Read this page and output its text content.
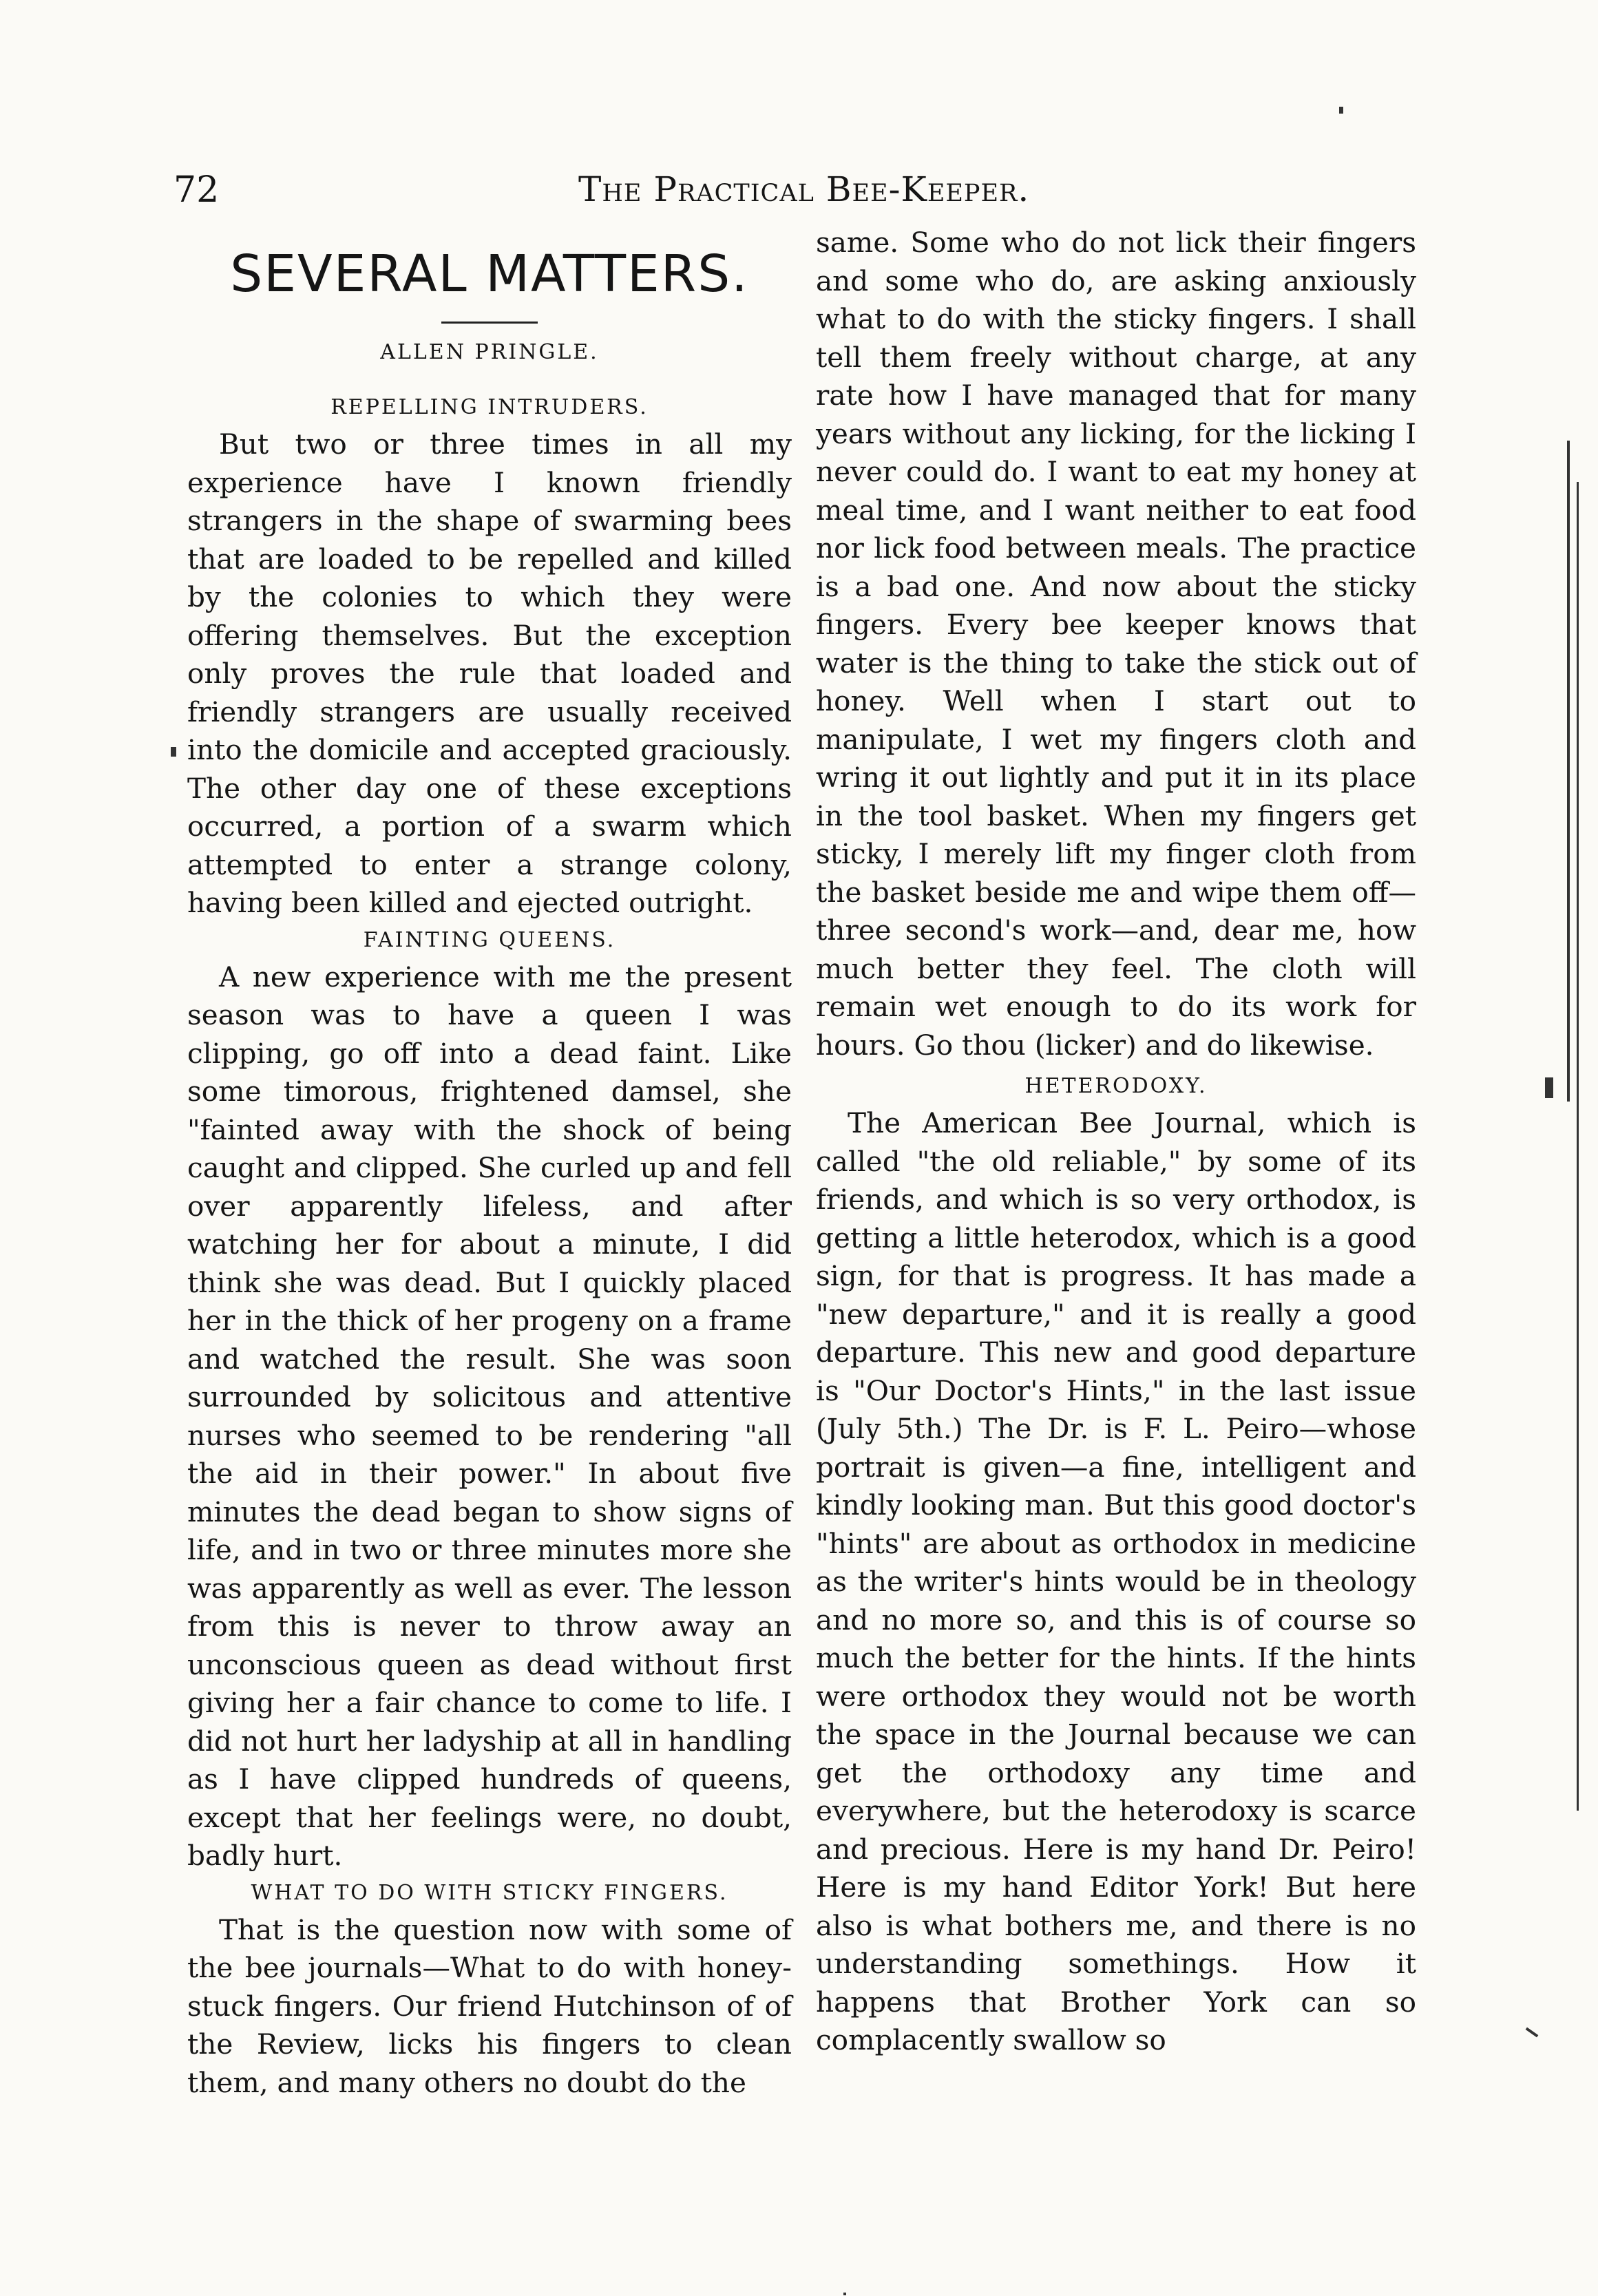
72	The Practical Bee-Keeper.
SEVERAL MATTERS.
ALLEN PRINGLE.
REPELLING INTRUDERS.

But two or three times in all my experience have I known friendly strangers in the shape of swarming bees that are loaded to be repelled and killed by the colonies to which they were offering themselves. But the exception only proves the rule that loaded and friendly strangers are usually received into the domicile and accepted graciously. The other day one of these exceptions occurred, a portion of a swarm which attempted to enter a strange colony, having been killed and ejected outright.

FAINTING QUEENS.

A new experience with me the present season was to have a queen I was clipping, go off into a dead faint. Like some timorous, frightened damsel, she "fainted away with the shock of being caught and clipped. She curled up and fell over apparently lifeless, and after watching her for about a minute, I did think she was dead. But I quickly placed her in the thick of her progeny on a frame and watched the result. She was soon surrounded by solicitous and attentive nurses who seemed to be rendering "all the aid in their power." In about five minutes the dead began to show signs of life, and in two or three minutes more she was apparently as well as ever. The lesson from this is never to throw away an unconscious queen as dead without first giving her a fair chance to come to life. I did not hurt her ladyship at all in handling as I have clipped hundreds of queens, except that her feelings were, no doubt, badly hurt.

WHAT TO DO WITH STICKY FINGERS.

That is the question now with some of the bee journals—What to do with honey-stuck fingers. Our friend Hutchinson of of the Review, licks his fingers to clean them, and many others no doubt do the

same. Some who do not lick their fingers and some who do, are asking anxiously what to do with the sticky fingers. I shall tell them freely without charge, at any rate how I have managed that for many years without any licking, for the licking I never could do. I want to eat my honey at meal time, and I want neither to eat food nor lick food between meals. The practice is a bad one. And now about the sticky fingers. Every bee keeper knows that water is the thing to take the stick out of honey. Well when I start out to manipulate, I wet my fingers cloth and wring it out lightly and put it in its place in the tool basket. When my fingers get sticky, I merely lift my finger cloth from the basket beside me and wipe them off—three second's work—and, dear me, how much better they feel. The cloth will remain wet enough to do its work for hours. Go thou (licker) and do likewise.

HETERODOXY.

The American Bee Journal, which is called "the old reliable," by some of its friends, and which is so very orthodox, is getting a little heterodox, which is a good sign, for that is progress. It has made a "new departure," and it is really a good departure. This new and good departure is "Our Doctor's Hints," in the last issue (July 5th.) The Dr. is F. L. Peiro—whose portrait is given—a fine, intelligent and kindly looking man. But this good doctor's "hints" are about as orthodox in medicine as the writer's hints would be in theology and no more so, and this is of course so much the better for the hints. If the hints were orthodox they would not be worth the space in the Journal because we can get the orthodoxy any time and everywhere, but the heterodoxy is scarce and precious. Here is my hand Dr. Peiro! Here is my hand Editor York! But here also is what bothers me, and there is no understanding somethings. How it happens that Brother York can so complacently swallow so
